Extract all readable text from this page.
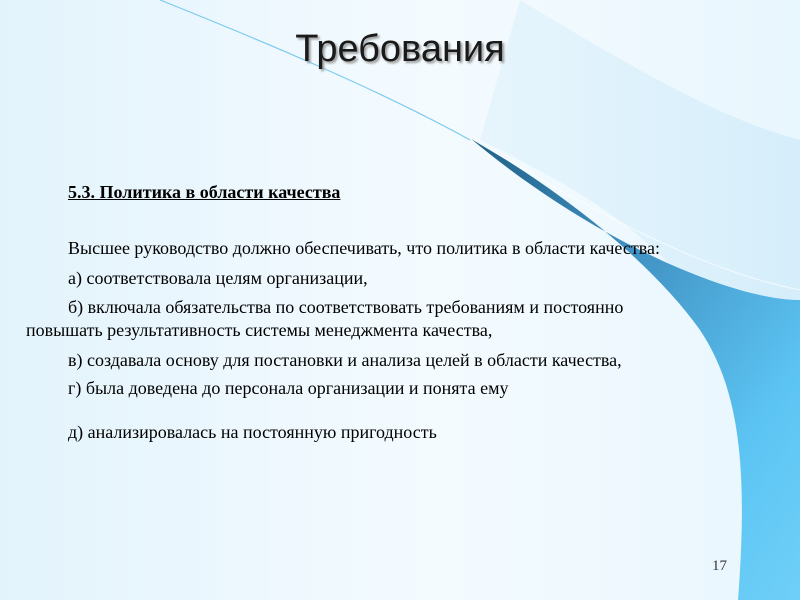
Требования

5.3. Политика в области качества

Высшее руководство должно обеспечивать, что политика в области качества:

а) соответствовала целям организации,

б) включала обязательства по соответствовать требованиям и постоянно

повышать результативность системы менеджмента качества,

в) создавала основу для постановки и анализа целей в области качества,

г) была доведена до персонала организации и понята ему

д) анализировалась на постоянную пригодность

17
